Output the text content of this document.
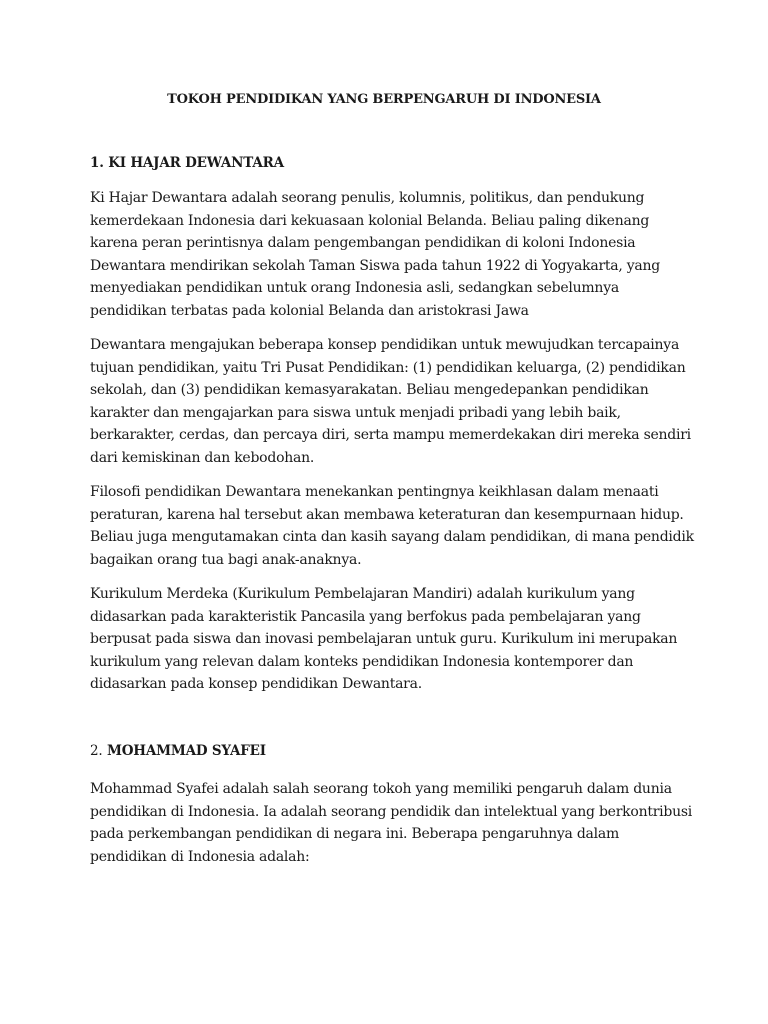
TOKOH PENDIDIKAN YANG BERPENGARUH DI INDONESIA
1. KI HAJAR DEWANTARA

Ki Hajar Dewantara adalah seorang penulis, kolumnis, politikus, dan pendukung
kemerdekaan Indonesia dari kekuasaan kolonial Belanda. Beliau paling dikenang
karena peran perintisnya dalam pengembangan pendidikan di koloni Indonesia
Dewantara mendirikan sekolah Taman Siswa pada tahun 1922 di Yogyakarta, yang
menyediakan pendidikan untuk orang Indonesia asli, sedangkan sebelumnya
pendidikan terbatas pada kolonial Belanda dan aristokrasi Jawa

Dewantara mengajukan beberapa konsep pendidikan untuk mewujudkan tercapainya
tujuan pendidikan, yaitu Tri Pusat Pendidikan: (1) pendidikan keluarga, (2) pendidikan
sekolah, dan (3) pendidikan kemasyarakatan. Beliau mengedepankan pendidikan
karakter dan mengajarkan para siswa untuk menjadi pribadi yang lebih baik,
berkarakter, cerdas, dan percaya diri, serta mampu memerdekakan diri mereka sendiri
dari kemiskinan dan kebodohan.

Filosofi pendidikan Dewantara menekankan pentingnya keikhlasan dalam menaati
peraturan, karena hal tersebut akan membawa keteraturan dan kesempurnaan hidup.
Beliau juga mengutamakan cinta dan kasih sayang dalam pendidikan, di mana pendidik
bagaikan orang tua bagi anak-anaknya.

Kurikulum Merdeka (Kurikulum Pembelajaran Mandiri) adalah kurikulum yang
didasarkan pada karakteristik Pancasila yang berfokus pada pembelajaran yang
berpusat pada siswa dan inovasi pembelajaran untuk guru. Kurikulum ini merupakan
kurikulum yang relevan dalam konteks pendidikan Indonesia kontemporer dan
didasarkan pada konsep pendidikan Dewantara.

2. MOHAMMAD SYAFEI

Mohammad Syafei adalah salah seorang tokoh yang memiliki pengaruh dalam dunia
pendidikan di Indonesia. Ia adalah seorang pendidik dan intelektual yang berkontribusi
pada perkembangan pendidikan di negara ini. Beberapa pengaruhnya dalam
pendidikan di Indonesia adalah:
